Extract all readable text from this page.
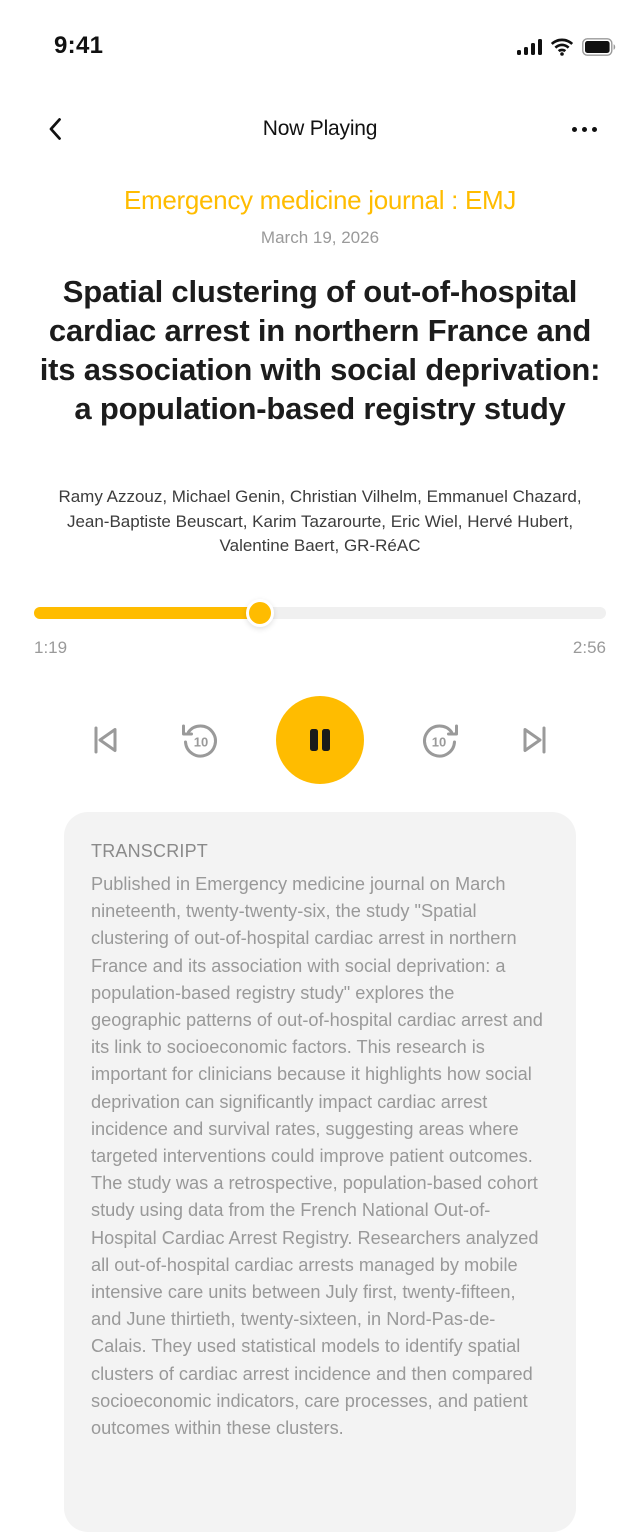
9:41
Now Playing
Emergency medicine journal : EMJ
March 19, 2026
Spatial clustering of out-of-hospital cardiac arrest in northern France and its association with social deprivation: a population-based registry study
Ramy Azzouz, Michael Genin, Christian Vilhelm, Emmanuel Chazard, Jean-Baptiste Beuscart, Karim Tazarourte, Eric Wiel, Hervé Hubert, Valentine Baert, GR-RéAC
1:19	2:56
10	10
TRANSCRIPT
Published in Emergency medicine journal on March nineteenth, twenty-twenty-six, the study "Spatial clustering of out-of-hospital cardiac arrest in northern France and its association with social deprivation: a population-based registry study" explores the geographic patterns of out-of-hospital cardiac arrest and its link to socioeconomic factors. This research is important for clinicians because it highlights how social deprivation can significantly impact cardiac arrest incidence and survival rates, suggesting areas where targeted interventions could improve patient outcomes. The study was a retrospective, population-based cohort study using data from the French National Out-of-Hospital Cardiac Arrest Registry. Researchers analyzed all out-of-hospital cardiac arrests managed by mobile intensive care units between July first, twenty-fifteen, and June thirtieth, twenty-sixteen, in Nord-Pas-de-Calais. They used statistical models to identify spatial clusters of cardiac arrest incidence and then compared socioeconomic indicators, care processes, and patient outcomes within these clusters.
